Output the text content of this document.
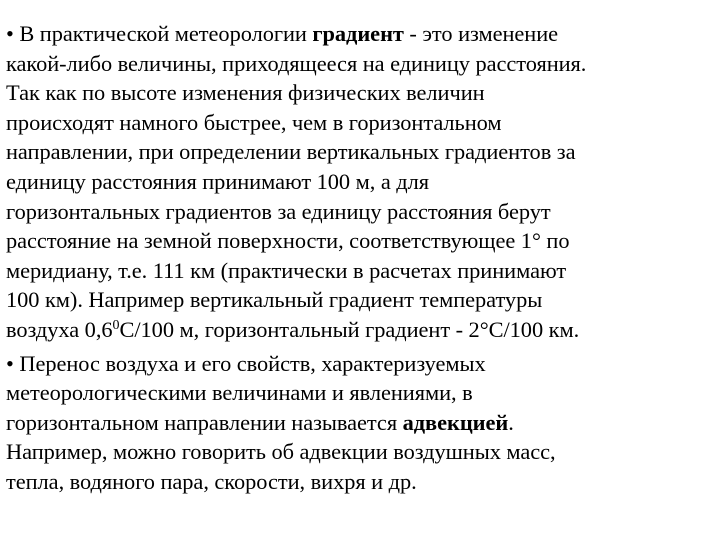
• В практической метеорологии градиент - это изменение
какой-либо величины, приходящееся на единицу расстояния.
Так как по высоте изменения физических величин
происходят намного быстрее, чем в горизонтальном
направлении, при определении вертикальных градиентов за
единицу расстояния принимают 100 м, а для
горизонтальных градиентов за единицу расстояния берут
расстояние на земной поверхности, соответствующее 1° по
меридиану, т.е. 111 км (практически в расчетах принимают
100 км). Например вертикальный градиент температуры
воздуха $0,6^0С/100$ м, горизонтальный градиент - 2°С/100 км.
• Перенос воздуха и его свойств, характеризуемых
метеорологическими величинами и явлениями, в
горизонтальном направлении называется адвекцией.
Например, можно говорить об адвекции воздушных масс,
тепла, водяного пара, скорости, вихря и др.
